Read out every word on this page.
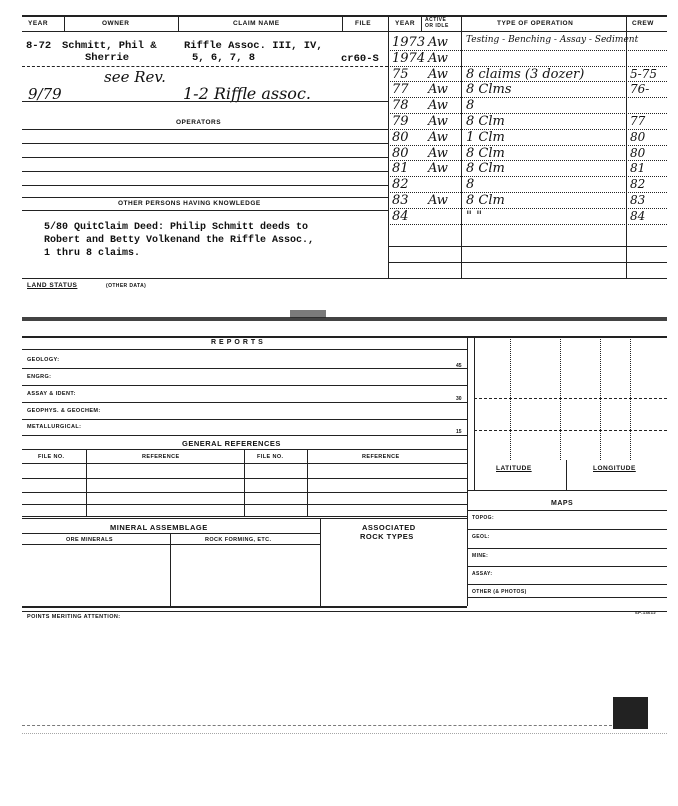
YEAR	OWNER	CLAIM NAME	FILE	YEAR ACTIVE OR IDLE	TYPE OF OPERATION	CREW
8-72 Schmitt, Phil &
Sherrie
Riffle Assoc. III, IV,
5, 6, 7, 8	cr60-S
see Rev.
9/79	1-2 Riffle assoc.
OPERATORS
OTHER PERSONS HAVING KNOWLEDGE
5/80 QuitClaim Deed: Philip Schmitt deeds to
Robert and Betty Volkenand the Riffle Assoc.,
1 thru 8 claims.
1973 Aw Testing - Benching - Assay - Sediment
1974 Aw
75 Aw 8 claims (3 dozer)	5-75
77 Aw 8 Clms	76-
78 Aw 8
79 Aw 8 Clm	77
80 Aw 1 Clm	80
80 Aw 8 Clm	80
81 Aw 8 Clm	81
82	8	82
83 Aw 8 Clm	83
84	" "	84
LAND STATUS	(OTHER DATA)
REPORTS
GEOLOGY:
ENGRG:
ASSAY & IDENT:
GEOPHYS. & GEOCHEM:
METALLURGICAL:
45
30
15
GENERAL REFERENCES
FILE NO.	REFERENCE	FILE NO.	REFERENCE
LATITUDE	LONGITUDE
MAPS
TOPOG:
GEOL:
MINE:
ASSAY:
OTHER (& PHOTOS)
MINERAL ASSEMBLAGE	ASSOCIATED
ROCK TYPES
ORE MINERALS	ROCK FORMING, ETC.
POINTS MERITING ATTENTION:
SP-14612
